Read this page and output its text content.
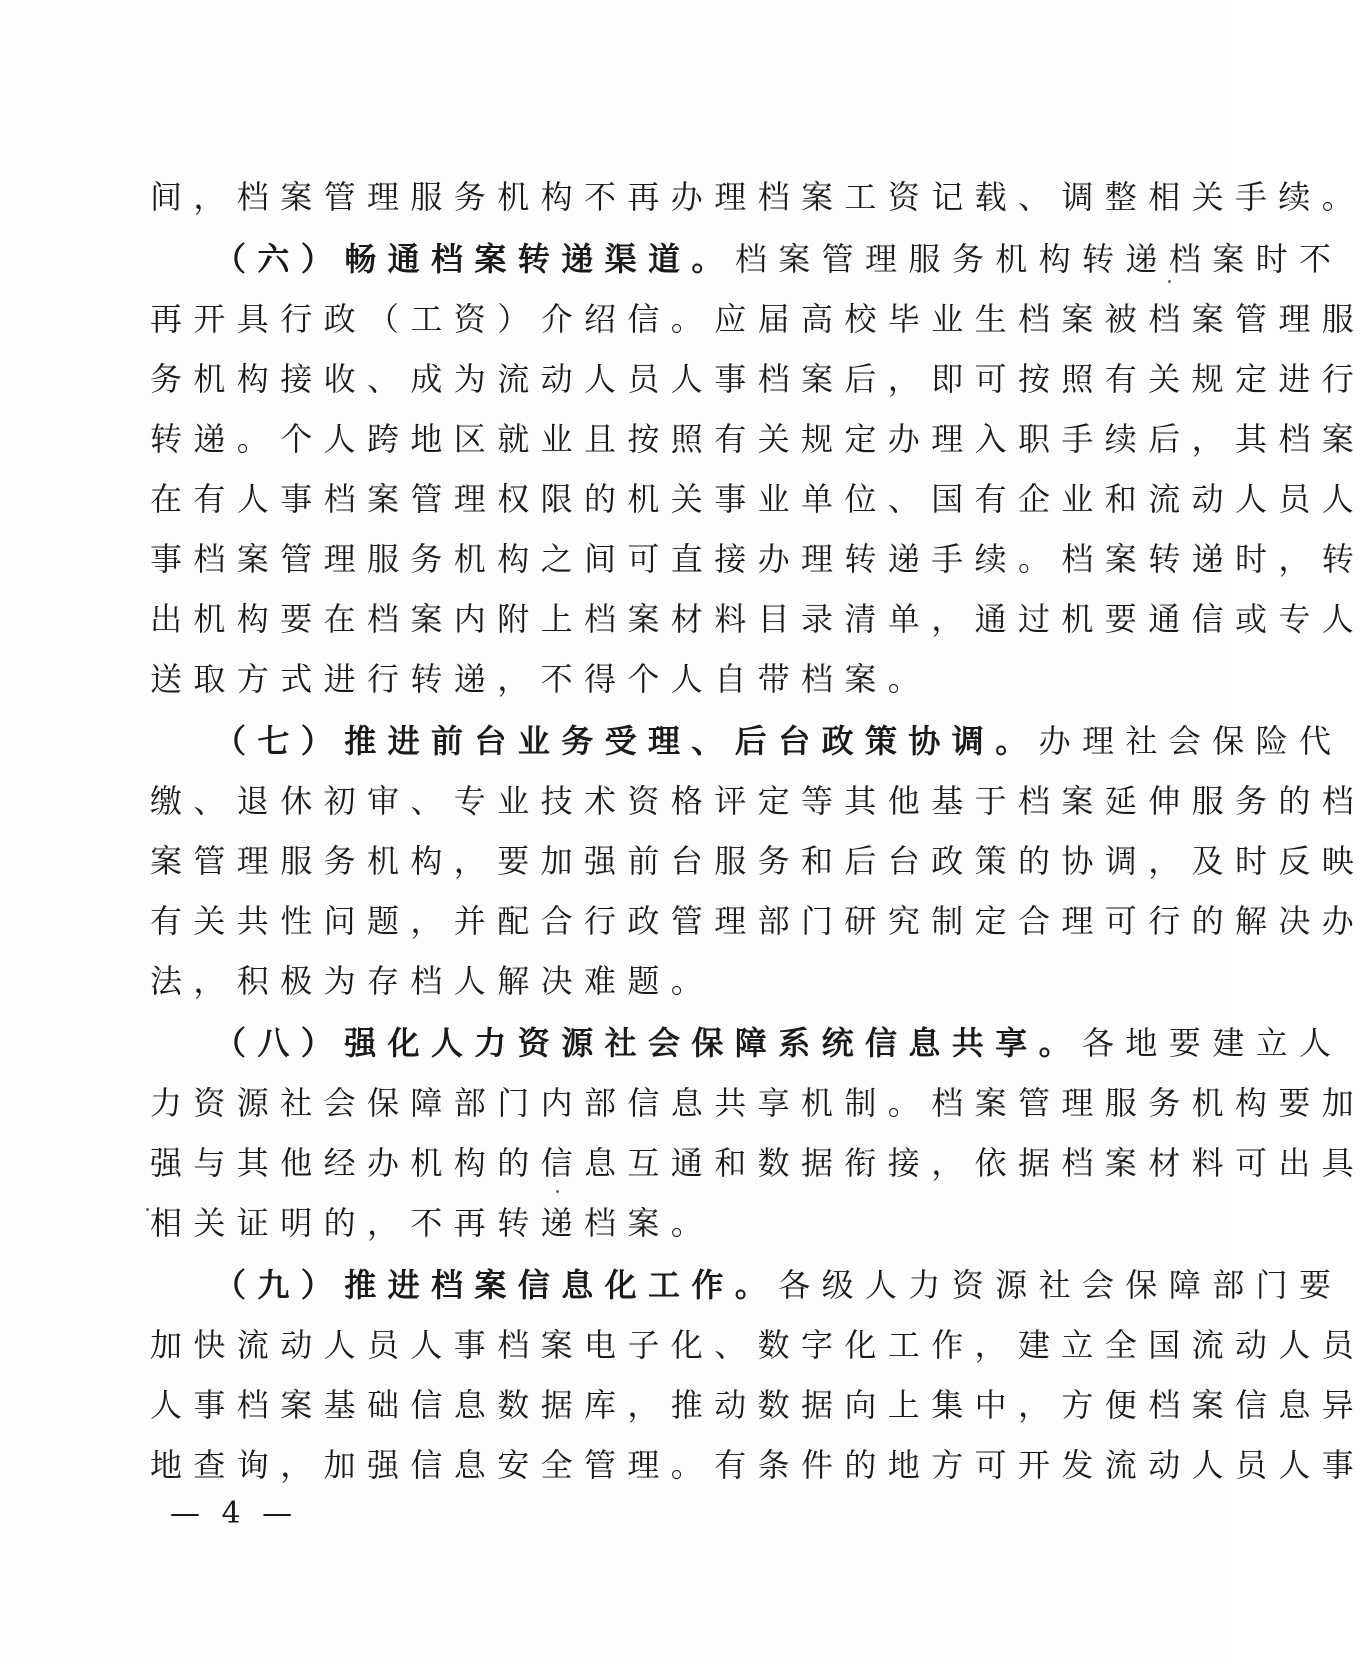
间，档案管理服务机构不再办理档案工资记载、调整相关手续。
（六）畅通档案转递渠道。档案管理服务机构转递档案时不
再开具行政（工资）介绍信。应届高校毕业生档案被档案管理服
务机构接收、成为流动人员人事档案后，即可按照有关规定进行
转递。个人跨地区就业且按照有关规定办理入职手续后，其档案
在有人事档案管理权限的机关事业单位、国有企业和流动人员人
事档案管理服务机构之间可直接办理转递手续。档案转递时，转
出机构要在档案内附上档案材料目录清单，通过机要通信或专人
送取方式进行转递，不得个人自带档案。
（七）推进前台业务受理、后台政策协调。办理社会保险代
缴、退休初审、专业技术资格评定等其他基于档案延伸服务的档
案管理服务机构，要加强前台服务和后台政策的协调，及时反映
有关共性问题，并配合行政管理部门研究制定合理可行的解决办
法，积极为存档人解决难题。
（八）强化人力资源社会保障系统信息共享。各地要建立人
力资源社会保障部门内部信息共享机制。档案管理服务机构要加
强与其他经办机构的信息互通和数据衔接，依据档案材料可出具
相关证明的，不再转递档案。
（九）推进档案信息化工作。各级人力资源社会保障部门要
加快流动人员人事档案电子化、数字化工作，建立全国流动人员
人事档案基础信息数据库，推动数据向上集中，方便档案信息异
地查询，加强信息安全管理。有条件的地方可开发流动人员人事
— 4 —
